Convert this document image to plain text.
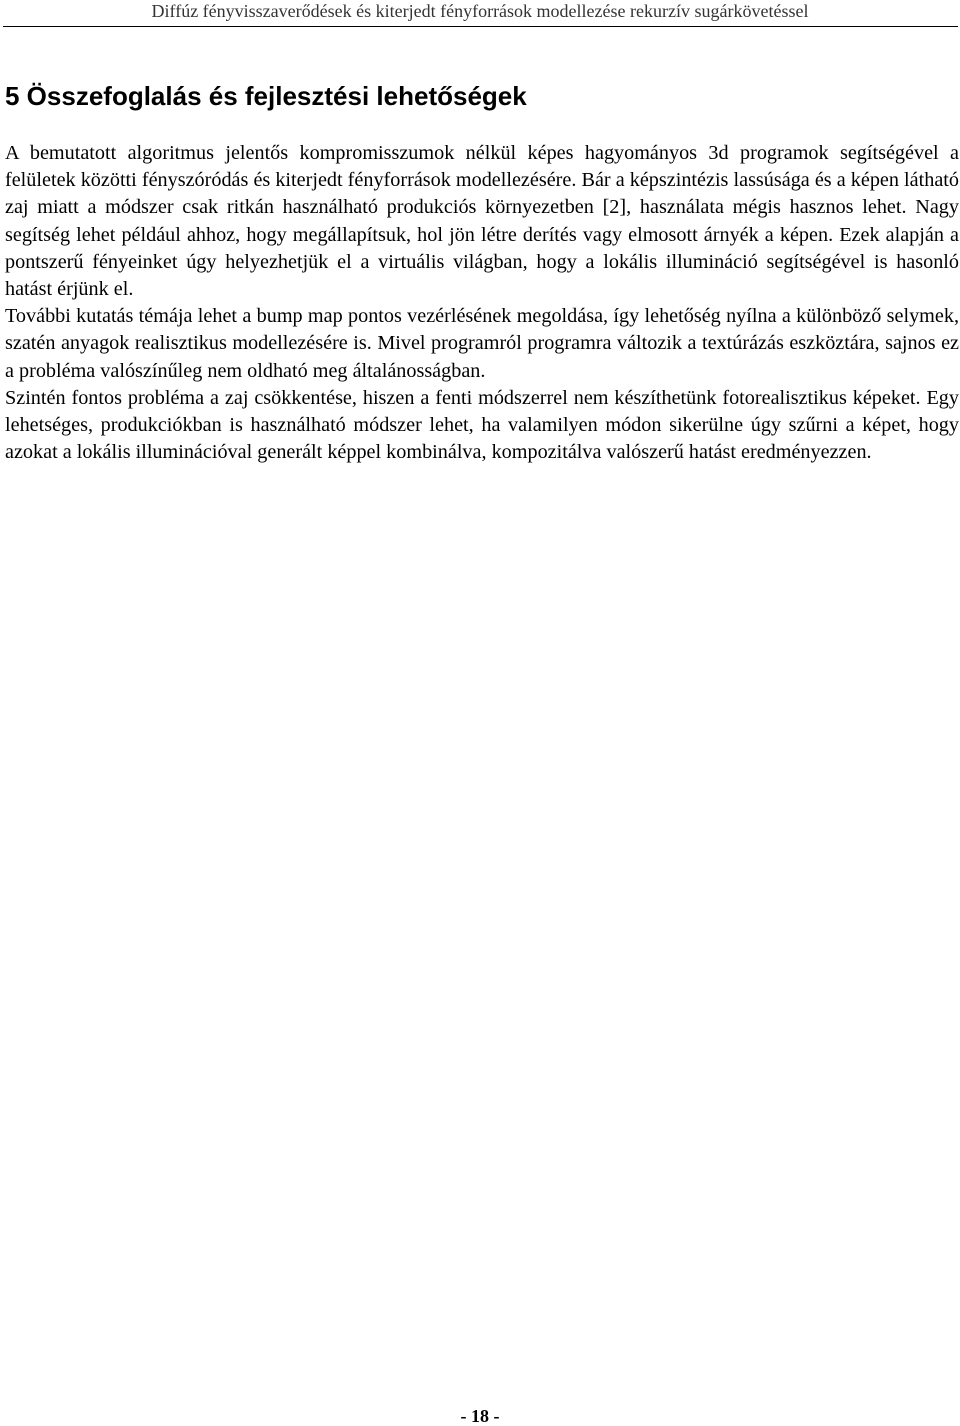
Diffúz fényvisszaverődések és kiterjedt fényforrások modellezése rekurzív sugárkövetéssel
5 Összefoglalás és fejlesztési lehetőségek

A bemutatott algoritmus jelentős kompromisszumok nélkül képes hagyományos 3d programok segítségével a felületek közötti fényszóródás és kiterjedt fényforrások modellezésére. Bár a képszintézis lassúsága és a képen látható zaj miatt a módszer csak ritkán használható produkciós környezetben [2], használata mégis hasznos lehet. Nagy segítség lehet például ahhoz, hogy megállapítsuk, hol jön létre derítés vagy elmosott árnyék a képen. Ezek alapján a pontszerű fényeinket úgy helyezhetjük el a virtuális világban, hogy a lokális illumináció segítségével is hasonló hatást érjünk el.

További kutatás témája lehet a bump map pontos vezérlésének megoldása, így lehetőség nyílna a különböző selymek, szatén anyagok realisztikus modellezésére is. Mivel programról programra változik a textúrázás eszköztára, sajnos ez a probléma valószínűleg nem oldható meg általánosságban.

Szintén fontos probléma a zaj csökkentése, hiszen a fenti módszerrel nem készíthetünk fotorealisztikus képeket. Egy lehetséges, produkciókban is használható módszer lehet, ha valamilyen módon sikerülne úgy szűrni a képet, hogy azokat a lokális illuminációval generált képpel kombinálva, kompozitálva valószerű hatást eredményezzen.

- 18 -
